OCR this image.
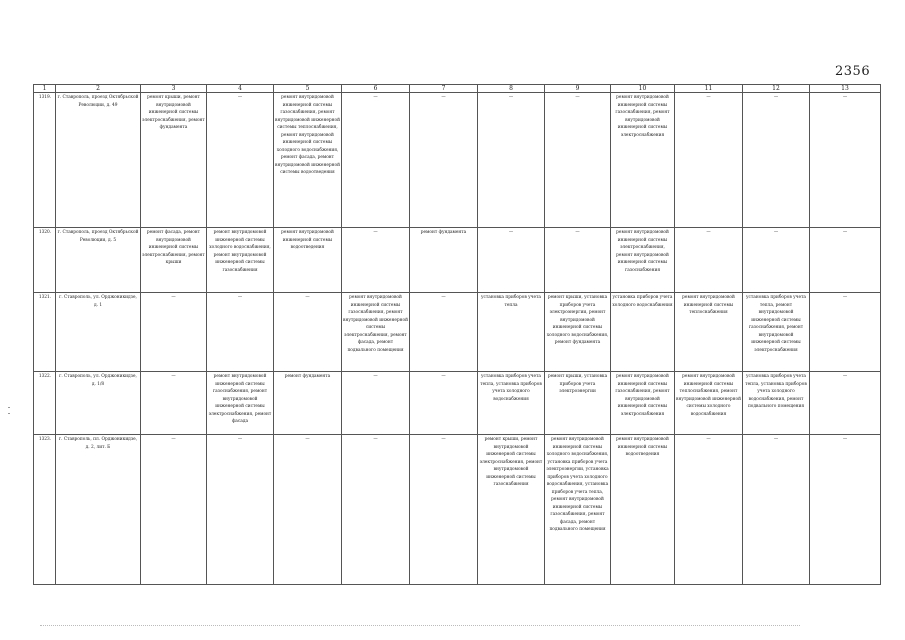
2356
1	2	3	4	5	6	7	8	9	10	11	12	13
1319.	г. Ставрополь, проезд Октябрьской Революции, д. 49	ремонт крыши, ремонт внутридомовой инженерной системы электроснабжения, ремонт фундамента	—	ремонт внутридомовой инженерной системы газоснабжения, ремонт внутридомовой инженерной системы теплоснабжения, ремонт внутридомовой инженерной системы холодного водоснабжения, ремонт фасада, ремонт внутридомовой инженерной системы водоотведения	—	—	—	—	ремонт внутридомовой инженерной системы газоснабжения, ремонт внутридомовой инженерной системы электроснабжения	—	—	—
1320.	г. Ставрополь, проезд Октябрьской Революции, д. 5	ремонт фасада, ремонт внутридомовой инженерной системы электроснабжения, ремонт крыши	ремонт внутридомовой инженерной системы холодного водоснабжения, ремонт внутридомовой инженерной системы газоснабжения	ремонт внутридомовой инженерной системы водоотведения	—	ремонт фундамента	—	—	ремонт внутридомовой инженерной системы электроснабжения, ремонт внутридомовой инженерной системы газоснабжения	—	—	—
1321.	г. Ставрополь, ул. Орджоникидзе, д. 1	—	—	—	ремонт внутридомовой инженерной системы газоснабжения, ремонт внутридомовой инженерной системы электроснабжения, ремонт фасада, ремонт подвального помещения	—	установка приборов учета тепла	ремонт крыши, установка приборов учета электроэнергии, ремонт внутридомовой инженерной системы холодного водоснабжения, ремонт фундамента	установка приборов учета холодного водоснабжения	ремонт внутридомовой инженерной системы теплоснабжения	установка приборов учета тепла, ремонт внутридомовой инженерной системы газоснабжения, ремонт внутридомовой инженерной системы электроснабжения	—
1322.	г. Ставрополь, ул. Орджоникидзе, д. 1/8	—	ремонт внутридомовой инженерной системы газоснабжения, ремонт внутридомовой инженерной системы электроснабжения, ремонт фасада	ремонт фундамента	—	—	установка приборов учета тепла, установка приборов учета холодного водоснабжения	ремонт крыши, установка приборов учета электроэнергии	ремонт внутридомовой инженерной системы газоснабжения, ремонт внутридомовой инженерной системы электроснабжения	ремонт внутридомовой инженерной системы теплоснабжения, ремонт внутридомовой инженерной системы холодного водоснабжения	установка приборов учета тепла, установка приборов учета холодного водоснабжения, ремонт подвального помещения	—
1323.	г. Ставрополь, пл. Орджоникидзе, д. 2, лит. Б	—	—	—	—	—	ремонт крыши, ремонт внутридомовой инженерной системы электроснабжения, ремонт внутридомовой инженерной системы газоснабжения	ремонт внутридомовой инженерной системы холодного водоснабжения, установка приборов учета электроэнергии, установка приборов учета холодного водоснабжения, установка приборов учета тепла, ремонт внутридомовой инженерной системы газоснабжения, ремонт фасада, ремонт подвального помещения	ремонт внутридомовой инженерной системы водоотведения	—	—	—
